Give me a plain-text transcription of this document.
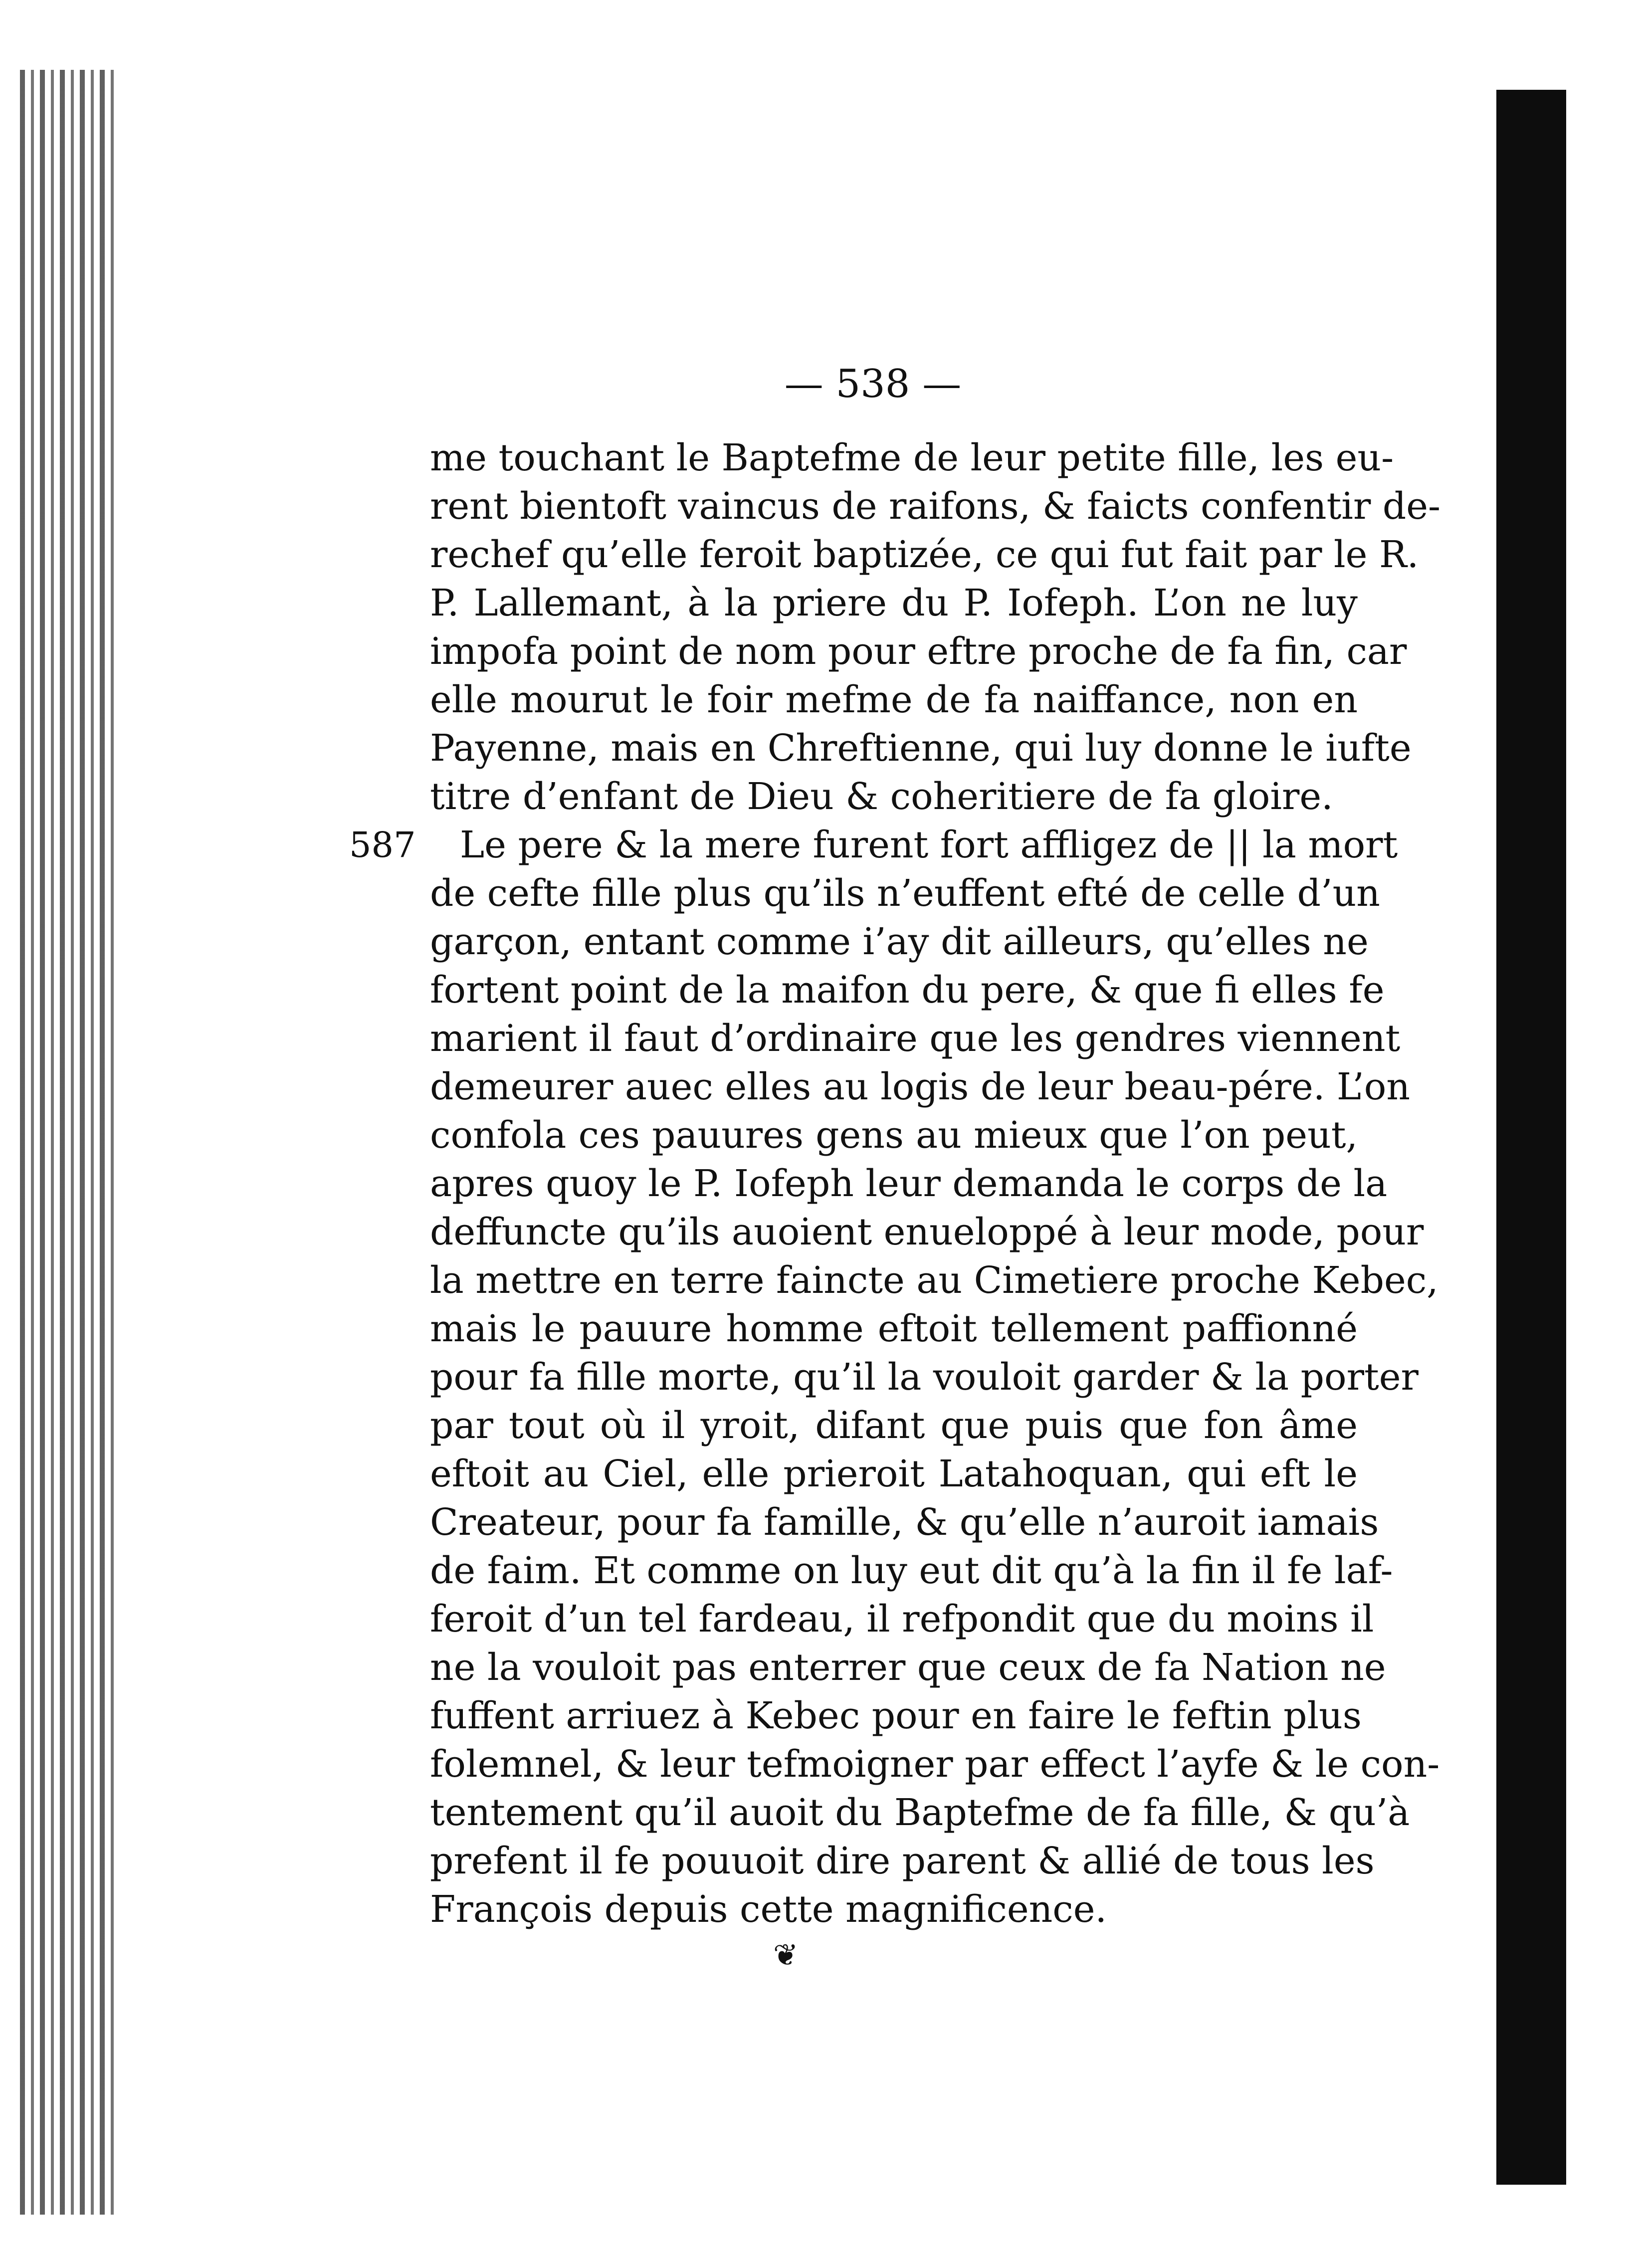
— 538 —
587
me touchant le Baptefme de leur petite fille, les eu-
rent bientoft vaincus de raifons, & faicts confentir de-
rechef qu’elle feroit baptizée, ce qui fut fait par le R.
P. Lallemant, à la priere du P. Iofeph. L’on ne luy
impofa point de nom pour eftre proche de fa fin, car
elle mourut le foir mefme de fa naiffance, non en
Payenne, mais en Chreftienne, qui luy donne le iufte
titre d’enfant de Dieu & coheritiere de fa gloire.
Le pere & la mere furent fort affligez de || la mort
de cefte fille plus qu’ils n’euffent efté de celle d’un
garçon, entant comme i’ay dit ailleurs, qu’elles ne
fortent point de la maifon du pere, & que fi elles fe
marient il faut d’ordinaire que les gendres viennent
demeurer auec elles au logis de leur beau-pére. L’on
confola ces pauures gens au mieux que l’on peut,
apres quoy le P. Iofeph leur demanda le corps de la
deffuncte qu’ils auoient enueloppé à leur mode, pour
la mettre en terre faincte au Cimetiere proche Kebec,
mais le pauure homme eftoit tellement paffionné
pour fa fille morte, qu’il la vouloit garder & la porter
par tout où il yroit, difant que puis que fon âme
eftoit au Ciel, elle prieroit Latahoquan, qui eft le
Createur, pour fa famille, & qu’elle n’auroit iamais
de faim. Et comme on luy eut dit qu’à la fin il fe laf-
feroit d’un tel fardeau, il refpondit que du moins il
ne la vouloit pas enterrer que ceux de fa Nation ne
fuffent arriuez à Kebec pour en faire le feftin plus
folemnel, & leur tefmoigner par effect l’ayfe & le con-
tentement qu’il auoit du Baptefme de fa fille, & qu’à
prefent il fe pouuoit dire parent & allié de tous les
François depuis cette magnificence.
❦
